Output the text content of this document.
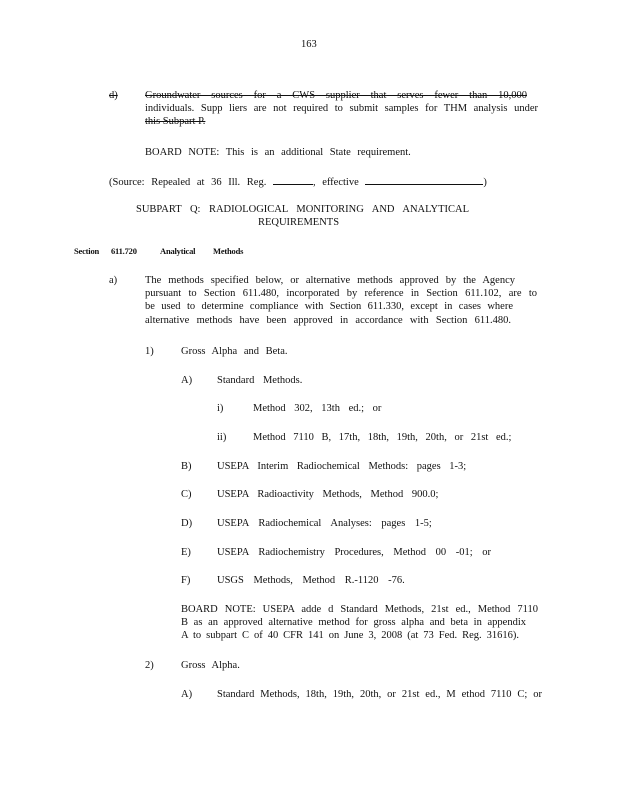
163
d)	Groundwater sources for a CWS supplier that serves fewer than 10,000
individuals. Supp liers are not required to submit samples for THM analysis under
this Subpart P.
BOARD NOTE: This is an additional State requirement.
(Source: Repealed at 36 Ill. Reg.	, effective	)
SUBPART Q: RADIOLOGICAL MONITORING AND ANALYTICAL
REQUIREMENTS
Section 611.720	Analytical Methods
a)	The methods specified below, or alternative methods approved by the Agency
pursuant to Section 611.480, incorporated by reference in Section 611.102, are to
be used to determine compliance with Section 611.330, except in cases where
alternative methods have been approved in accordance with Section 611.480.
1)	Gross Alpha and Beta.
A) Standard Methods.
i)	Method 302, 13th ed.; or
ii)	Method 7110 B, 17th, 18th, 19th, 20th, or 21st ed.;
B) USEPA Interim Radiochemical Methods: pages 1-3;
C) USEPA Radioactivity Methods, Method 900.0;
D) USEPA Radiochemical Analyses: pages 1-5;
E) USEPA Radiochemistry Procedures, Method 00 -01; or
F)	USGS Methods, Method R.-1120 -76.
BOARD NOTE: USEPA adde d Standard Methods, 21st ed., Method 7110
B as an approved alternative method for gross alpha and beta in appendix
A to subpart C of 40 CFR 141 on June 3, 2008 (at 73 Fed. Reg. 31616).
2)	Gross Alpha.
A) Standard Methods, 18th, 19th, 20th, or 21st ed., M ethod 7110 C; or
